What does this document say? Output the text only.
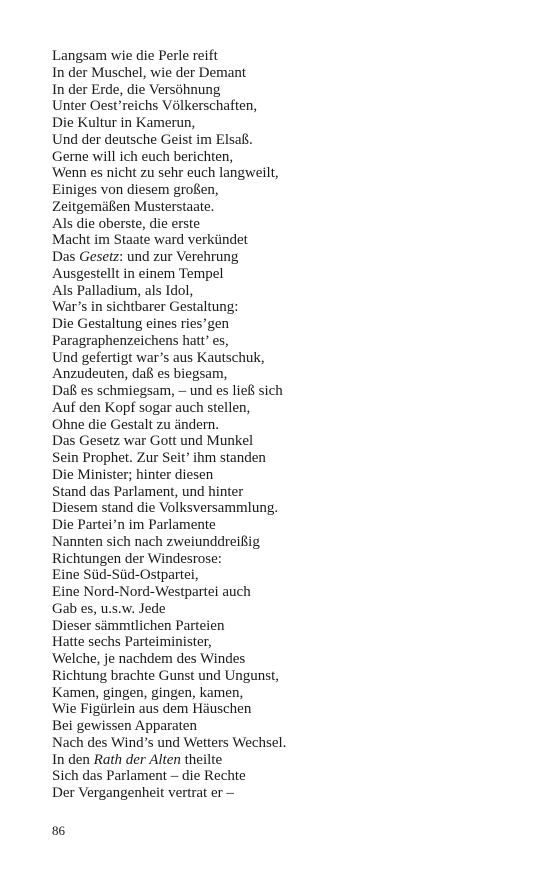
Langsam wie die Perle reift
In der Muschel, wie der Demant
In der Erde, die Versöhnung
Unter Oest’reichs Völkerschaften,
Die Kultur in Kamerun,
Und der deutsche Geist im Elsaß.
Gerne will ich euch berichten,
Wenn es nicht zu sehr euch langweilt,
Einiges von diesem großen,
Zeitgemäßen Musterstaate.
Als die oberste, die erste
Macht im Staate ward verkündet
Das Gesetz: und zur Verehrung
Ausgestellt in einem Tempel
Als Palladium, als Idol,
War’s in sichtbarer Gestaltung:
Die Gestaltung eines ries’gen
Paragraphenzeichens hatt’ es,
Und gefertigt war’s aus Kautschuk,
Anzudeuten, daß es biegsam,
Daß es schmiegsam, – und es ließ sich
Auf den Kopf sogar auch stellen,
Ohne die Gestalt zu ändern.
Das Gesetz war Gott und Munkel
Sein Prophet. Zur Seit’ ihm standen
Die Minister; hinter diesen
Stand das Parlament, und hinter
Diesem stand die Volksversammlung.
Die Partei’n im Parlamente
Nannten sich nach zweiunddreißig
Richtungen der Windesrose:
Eine Süd-Süd-Ostpartei,
Eine Nord-Nord-Westpartei auch
Gab es, u.s.w. Jede
Dieser sämmtlichen Parteien
Hatte sechs Parteiminister,
Welche, je nachdem des Windes
Richtung brachte Gunst und Ungunst,
Kamen, gingen, gingen, kamen,
Wie Figürlein aus dem Häuschen
Bei gewissen Apparaten
Nach des Wind’s und Wetters Wechsel.
In den Rath der Alten theilte
Sich das Parlament – die Rechte
Der Vergangenheit vertrat er –
86
